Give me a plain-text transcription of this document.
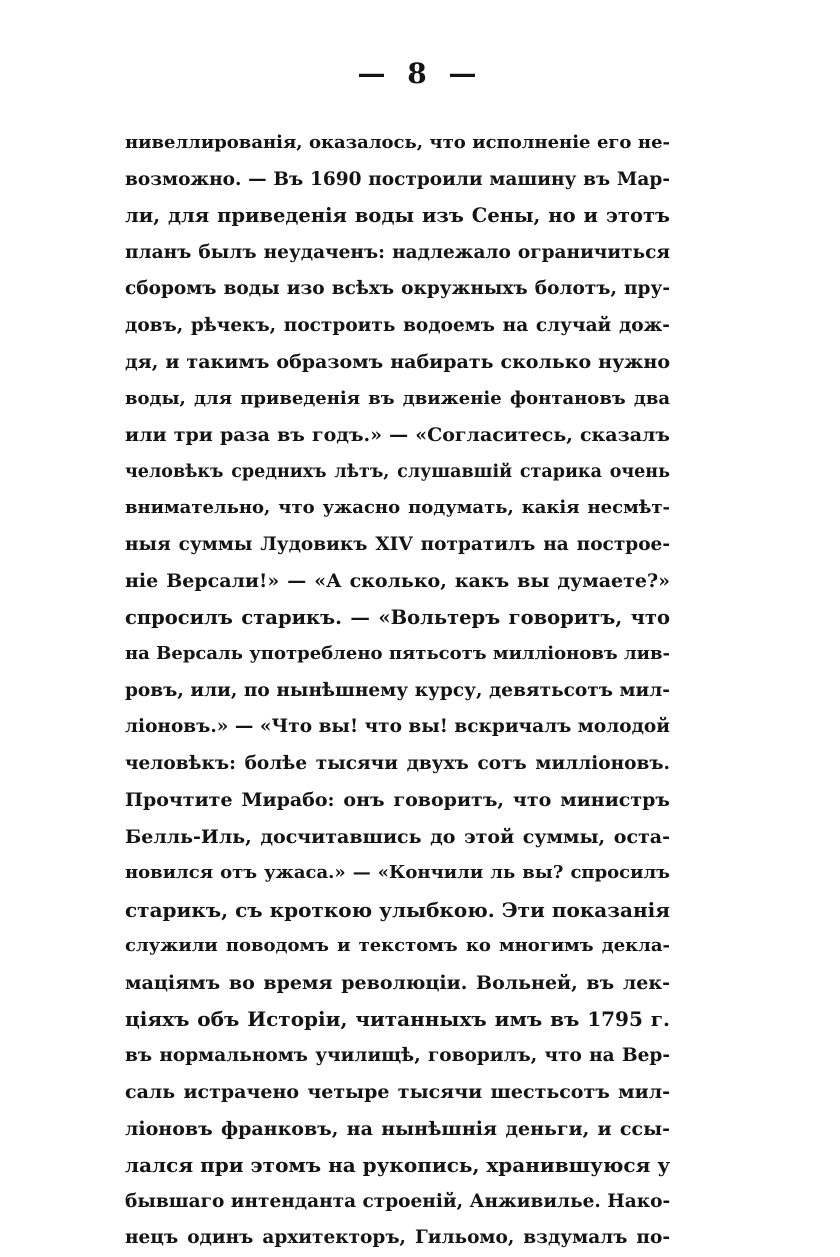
— 8 —
нивеллированія, оказалось, что исполненіе его не-
возможно. — Въ 1690 построили машину въ Мар-
ли, для приведенія воды изъ Сены, но и этотъ
планъ былъ неудаченъ: надлежало ограничиться
сборомъ воды изо всѣхъ окружныхъ болотъ, пру-
довъ, рѣчекъ, построить водоемъ на случай дож-
дя, и такимъ образомъ набирать сколько нужно
воды, для приведенія въ движеніе фонтановъ два
или три раза въ годъ.» — «Согласитесь, сказалъ
человѣкъ среднихъ лѣтъ, слушавшій старика очень
внимательно, что ужасно подумать, какія несмѣт-
ныя суммы Лудовикъ XIV потратилъ на построе-
ніе Версали!» — «А сколько, какъ вы думаете?»
спросилъ старикъ. — «Вольтеръ говоритъ, что
на Версаль употреблено пятьсотъ милліоновъ лив-
ровъ, или, по нынѣшнему курсу, девятьсотъ мил-
ліоновъ.» — «Что вы! что вы! вскричалъ молодой
человѣкъ: болѣе тысячи двухъ сотъ милліоновъ.
Прочтите Мирабо: онъ говоритъ, что министръ
Белль-Иль, досчитавшись до этой суммы, оста-
новился отъ ужаса.» — «Кончили ль вы? спросилъ
старикъ, съ кроткою улыбкою. Эти показанія
служили поводомъ и текстомъ ко многимъ декла-
маціямъ во время революціи. Вольней, въ лек-
ціяхъ объ Исторіи, читанныхъ имъ въ 1795 г.
въ нормальномъ училищѣ, говорилъ, что на Вер-
саль истрачено четыре тысячи шестьсотъ мил-
ліоновъ франковъ, на нынѣшнія деньги, и ссы-
лался при этомъ на рукопись, хранившуюся у
бывшаго интенданта строеній, Анживилье. Нако-
нецъ одинъ архитекторъ, Гильомо, вздумалъ по-
